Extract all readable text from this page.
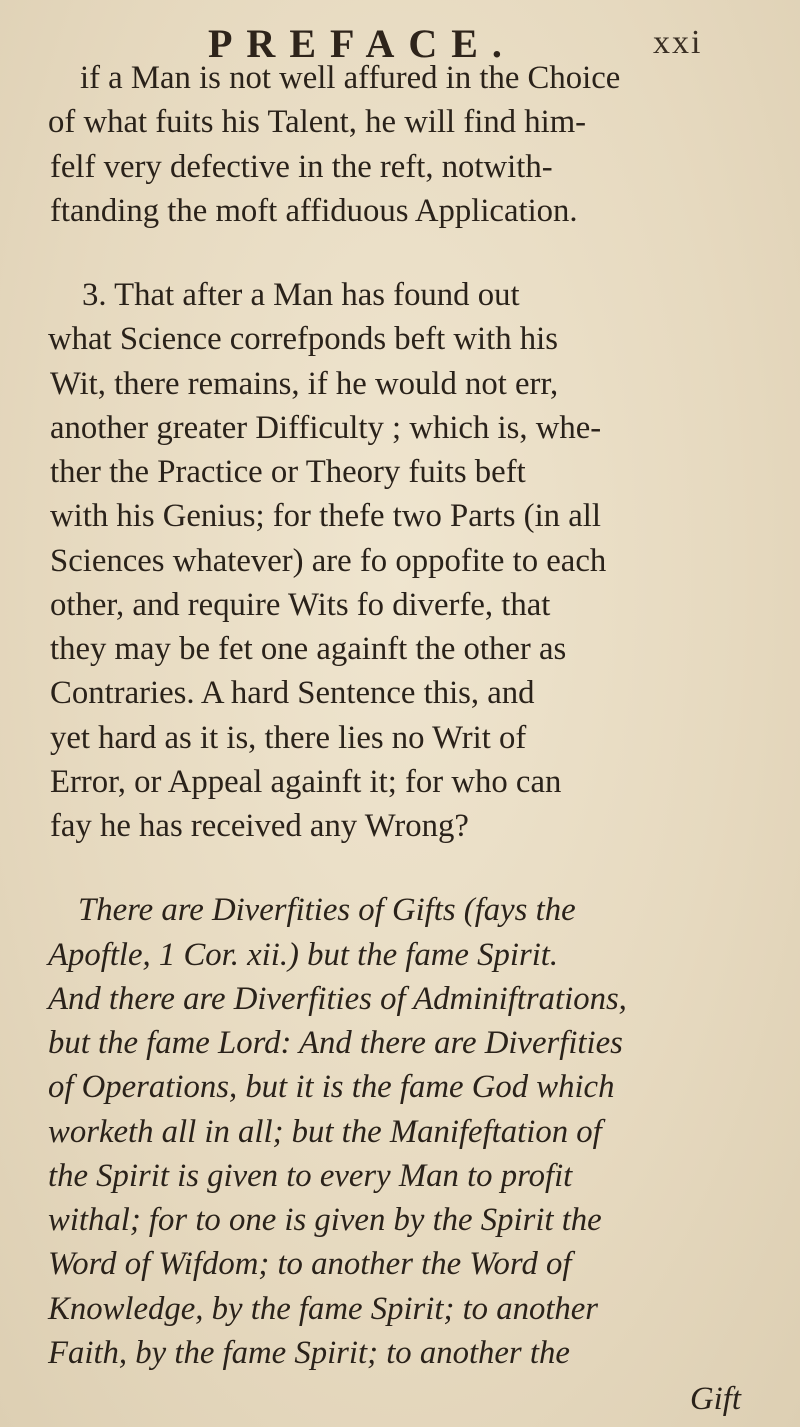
PREFACE.	xxi
if a Man is not well affured in the Choice
of what fuits his Talent, he will find him-
felf very defective in the reft, notwith-
ftanding the moft affiduous Application.
3. That after a Man has found out
what Science correfponds beft with his
Wit, there remains, if he would not err,
another greater Difficulty ; which is, whe-
ther the Practice or Theory fuits beft
with his Genius; for thefe two Parts (in all
Sciences whatever) are fo oppofite to each
other, and require Wits fo diverfe, that
they may be fet one againft the other as
Contraries. A hard Sentence this, and
yet hard as it is, there lies no Writ of
Error, or Appeal againft it; for who can
fay he has received any Wrong?
There are Diverfities of Gifts (fays the
Apoftle, 1 Cor. xii.) but the fame Spirit.
And there are Diverfities of Adminiftrations,
but the fame Lord: And there are Diverfities
of Operations, but it is the fame God which
worketh all in all; but the Manifeftation of
the Spirit is given to every Man to profit
withal; for to one is given by the Spirit the
Word of Wifdom; to another the Word of
Knowledge, by the fame Spirit; to another
Faith, by the fame Spirit; to another the
Gift
